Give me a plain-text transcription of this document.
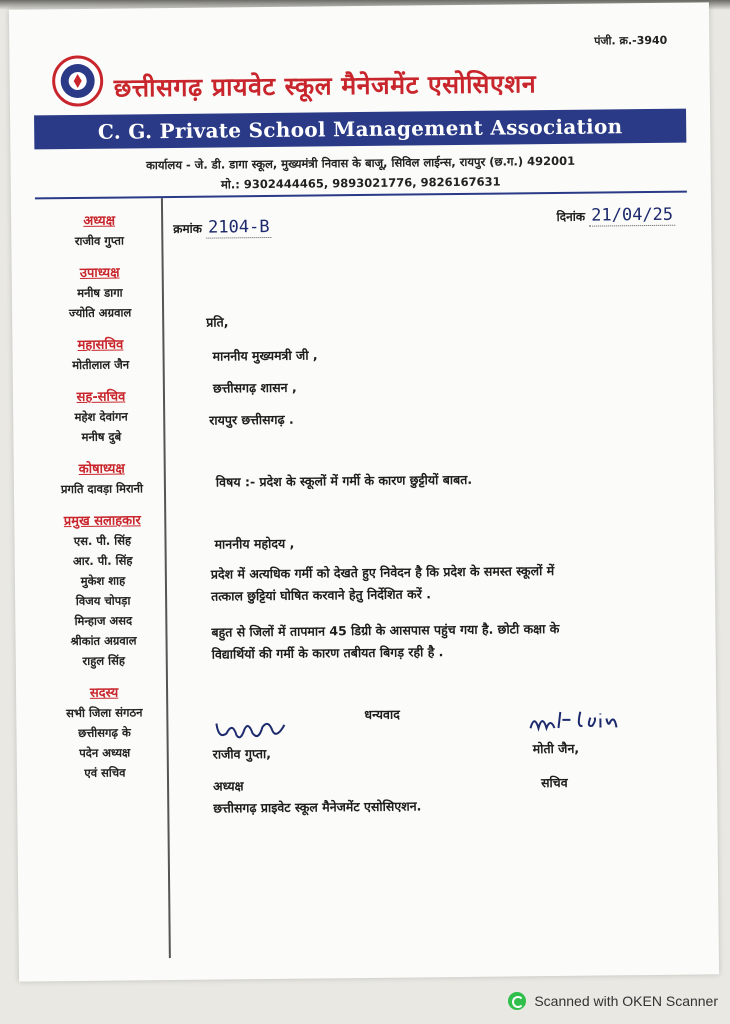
पंजी. क्र.-3940
छत्तीसगढ़ प्रायवेट स्कूल मैनेजमेंट एसोसिएशन
C. G. Private School Management Association
कार्यालय - जे. डी. डागा स्कूल, मुख्यमंत्री निवास के बाजू, सिविल लाईन्स, रायपुर (छ.ग.) 492001
मो.: 9302444465, 9893021776, 9826167631
अध्यक्ष
राजीव गुप्ता
उपाध्यक्ष
मनीष डागा
ज्योति अग्रवाल
महासचिव
मोतीलाल जैन
सह-सचिव
महेश देवांगन
मनीष दुबे
कोषाध्यक्ष
प्रगति दावड़ा मिरानी
प्रमुख सलाहकार
एस. पी. सिंह
आर. पी. सिंह
मुकेश शाह
विजय चोपड़ा
मिन्हाज असद
श्रीकांत अग्रवाल
राहुल सिंह
सदस्य
सभी जिला संगठन
छत्तीसगढ़ के
पदेन अध्यक्ष
एवं सचिव
क्रमांक 2104-B
दिनांक 21/04/25
प्रति,
माननीय मुख्यमत्री जी ,
छत्तीसगढ़ शासन ,
रायपुर छत्तीसगढ़ .
विषय :- प्रदेश के स्कूलों में गर्मी के कारण छुट्टीयों बाबत.
माननीय महोदय ,
प्रदेश में अत्यधिक गर्मी को देखते हुए निवेदन है कि प्रदेश के समस्त स्कूलों में
तत्काल छुट्टियां घोषित करवाने हेतु निर्देशित करें .
बहुत से जिलों में तापमान 45 डिग्री के आसपास पहुंच गया है. छोटी कक्षा के
विद्यार्थियों की गर्मी के कारण तबीयत बिगड़ रही है .
धन्यवाद
राजीव गुप्ता,	मोती जैन,
अध्यक्ष	सचिव
छत्तीसगढ़ प्राइवेट स्कूल मैनेजमेंट एसोसिएशन.
Scanned with OKEN Scanner
